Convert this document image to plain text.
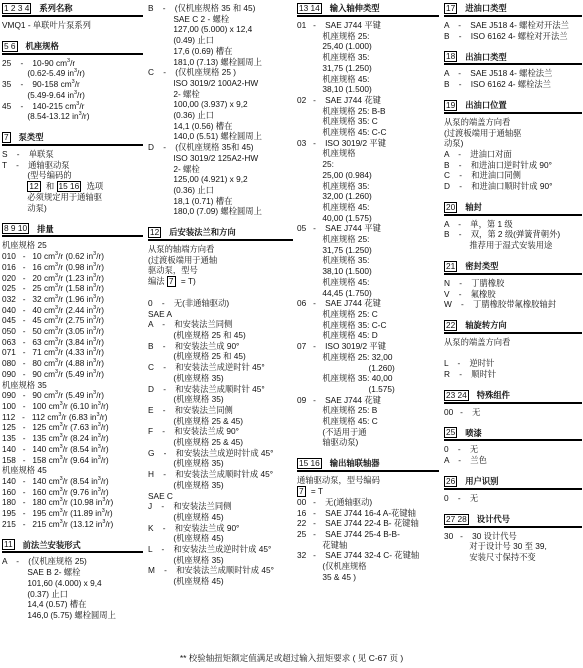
1 2 3 4 系列名称
VMQ1 - 单联叶片泵系列
5 6 机座规格
25    -    10-90 $cm^3/r$
(0.62-5.49 $in^3/r$)
35    -    90-158 $cm^3/r$
(5.49-9.64 $in^3/r$)
45    -    140-215 $cm^3/r$
(8.54-13.12 $in^3/r$)
7 泵类型
S    -    单联泵
T    -    通轴驱动泵
(型号编码的
12 和 15 16 选项
必须规定用于通轴驱
动泵)
8 9 10 排量
机座规格 25
010   -   10 $cm^3/r$ (0.62 $in^3/r$)
016   -   16 $cm^3/r$ (0.98 $in^3/r$)
020   -   20 $cm^3/r$ (1.23 $in^3/r$)
025   -   25 $cm^3/r$ (1.58 $in^3/r$)
032   -   32 $cm^3/r$ (1.96 $in^3/r$)
040   -   40 $cm^3/r$ (2.44 $in^3/r$)
045   -   45 $cm^3/r$ (2.75 $in^3/r$)
050   -   50 $cm^3/r$ (3.05 $in^3/r$)
063   -   63 $cm^3/r$ (3.84 $in^3/r$)
071   -   71 $cm^3/r$ (4.33 $in^3/r$)
080   -   80 $cm^3/r$ (4.88 $in^3/r$)
090   -   90 $cm^3/r$ (5.49 $in^3/r$)
机座规格 35
090   -   90 $cm^3/r$ (5.49 $in^3/r$)
100   -   100 $cm^3/r$ (6.10 $in^3/r$)
112   -   112 $cm^3/r$ (6.83 $in^3/r$)
125   -   125 $cm^3/r$ (7.63 $in^3/r$)
135   -   135 $cm^3/r$ (8.24 $in^3/r$)
140   -   140 $cm^3/r$ (8.54 $in^3/r$)
158   -   158 $cm^3/r$ (9.64 $in^3/r$)
机座规格 45
140   -   140 $cm^3/r$ (8.54 $in^3/r$)
160   -   160 $cm^3/r$ (9.76 $in^3/r$)
180   -   180 $cm^3/r$ (10.98 $in^3/r$)
195   -   195 $cm^3/r$ (11.89 $in^3/r$)
215   -   215 $cm^3/r$ (13.12 $in^3/r$)
11 前法兰安装形式
A    -    (仅机座规格 25)
SAE B 2- 螺栓
101,60 (4.000) x 9,4
(0.37) 止口
14,4 (0.57) 槽在
146,0 (5.75) 螺栓圆周上
B    -    (仅机座规格 35 和 45)
SAE C 2 - 螺栓
127,00 (5.000) x 12,4
(0.49) 止口
17,6 (0.69) 槽在
181,0 (7.13) 螺栓圆周上
C    -    (仅机座规格 25 )
ISO 3019/2 100A2-HW
2- 螺栓
100,00 (3.937) x 9,2
(0.36) 止口
14,1 (0.56) 槽在
140,0 (5.51) 螺栓圆周上
D    -    (仅机座规格 35和 45)
ISO 3019/2 125A2-HW
2- 螺栓
125,00 (4.921) x 9,2
(0.36) 止口
18,1 (0.71) 槽在
180,0 (7.09) 螺栓圆周上
12 后安装法兰和方向
从泵的轴端方向看
(过渡板端用于通轴
驱动泵，型号
编法 7 = T)

0    -    无(非通轴驱动)
SAE A
A    -    和安装法兰同侧
(机座规格 25 和 45)
B    -    和安装法兰成 90°
(机座规格 25 和 45)
C    -    和安装法兰成逆时针 45°
(机座规格 35)
D    -    和安装法兰成顺时针 45°
(机座规格 35)
E    -    和安装法兰同侧
(机座规格 25 & 45)
F    -    和安装法兰成 90°
(机座规格 25 & 45)
G    -    和安装法兰成逆时针成 45°
(机座规格 35)
H    -    和安装法兰成顺时针成 45°
(机座规格 35)
SAE C
J    -    和安装法兰同侧
(机座规格 45)
K    -    和安装法兰成 90°
(机座规格 45)
L    -    和安装法兰成逆时针成 45°
(机座规格 35)
M    -    和安装法兰成顺时针成 45°
(机座规格 45)
13 14 输入轴伸类型
01   -    SAE J744 平键
机座规格 25:
25,40 (1.000)
机座规格 35:
31,75 (1.250)
机座规格 45:
38,10 (1.500)
02   -    SAE J744 花键
机座规格 25: B-B
机座规格 35: C
机座规格 45: C-C
03   -    ISO 3019/2 平键
机座规格
25:
25,00 (0.984)
机座规格 35:
32,00 (1.260)
机座规格 45:
40,00 (1.575)
05   -    SAE J744 平键
机座规格 25:
31,75 (1.250)
机座规格 35:
38,10 (1.500)
机座规格 45:
44,45 (1.750)
06   -    SAE J744 花键
机座规格 25: C
机座规格 35: C-C
机座规格 45: D
07   -    ISO 3019/2 平键
机座规格 25: 32,00
(1.260)
机座规格 35: 40,00
(1.575)
09   -    SAE J744 花键
机座规格 25: B
机座规格 45: C
(不适用于通
轴驱动泵)
15 16 输出轴联轴器
通轴驱动泵，型号编码
7 = T
00   -    无(通轴驱动)
16   -    SAE J744 16-4 A-花键轴
22   -    SAE J744 22-4 B- 花键轴
25   -    SAE J744 25-4 B-B-
花键轴
32   -    SAE J744 32-4 C- 花键轴
(仅机座规格
35 & 45 )
17 进油口类型
A    -    SAE J518 4- 螺栓对开法兰
B    -    ISO 6162 4- 螺栓对开法兰
18 出油口类型
A    -    SAE J518 4- 螺栓法兰
B    -    ISO 6162 4- 螺栓法兰
19 出油口位置
从泵的端盖方向看
(过渡板端用于通轴驱
动泵)
A    -    进油口对面
B    -    和进油口逆时针成 90°
C    -    和进油口同侧
D    -    和进油口顺时针成 90°
20 轴封
A    -    单，第 1 级
B    -    双，第 2 级(弹簧背朝外)
推荐用于湿式安装用途
21 密封类型
N    -    丁腈橡胶
V    -    氟橡胶
W    -    丁腈橡胶带氟橡胶轴封
22 轴旋转方向
从泵的端盖方向看

L    -    逆时针
R    -    顺时针
23 24 特殊组件
00   -    无
25 喷漆
0    -    无
A    -    兰色
26 用户识别
0    -    无
27 28 设计代号
30   -    30 设计代号
对于设计号 30 至 39,
安装尺寸保持不变
** 校验轴扭矩额定值满足或超过输入扭矩要求 ( 见 C-67 页 )
